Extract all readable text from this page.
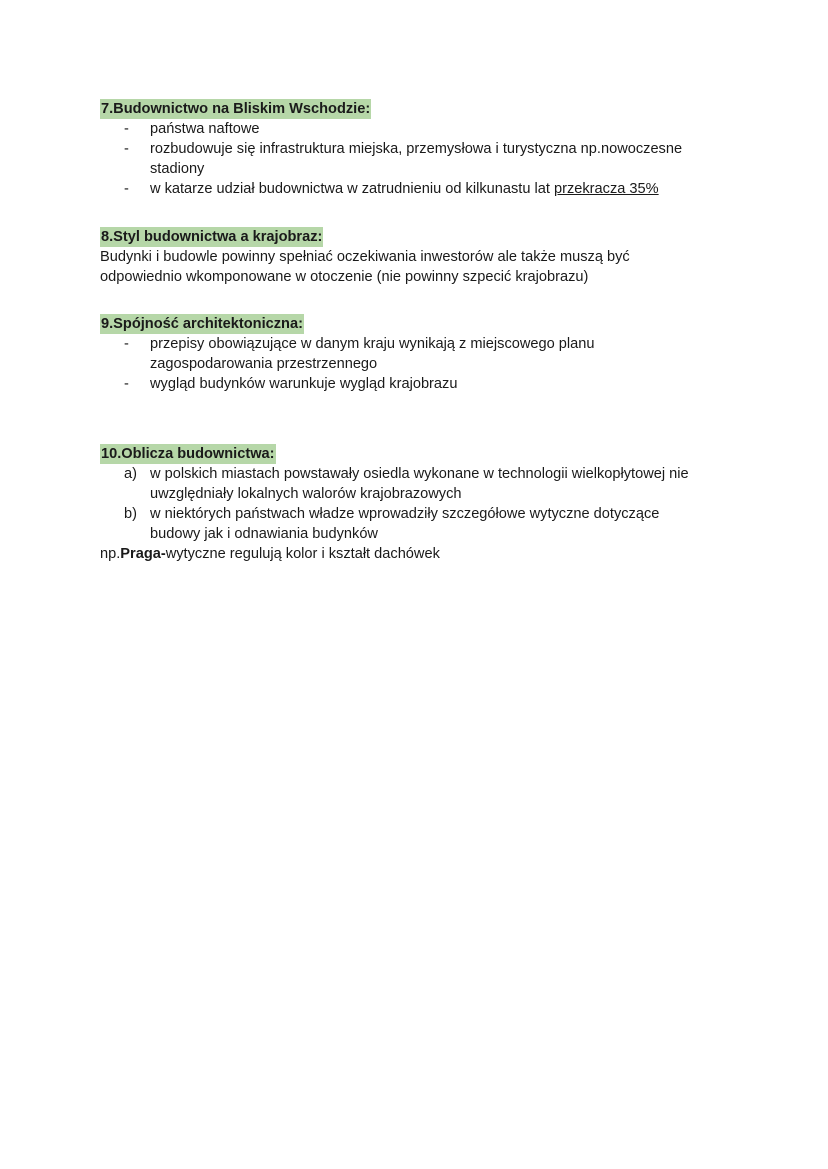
7.Budownictwo na Bliskim Wschodzie:
- państwa naftowe
- rozbudowuje się infrastruktura miejska, przemysłowa i turystyczna np.nowoczesne stadiony
- w katarze udział budownictwa w zatrudnieniu od kilkunastu lat przekracza 35%
8.Styl budownictwa a krajobraz:

Budynki i budowle powinny spełniać oczekiwania inwestorów ale także muszą być odpowiednio wkomponowane w otoczenie (nie powinny szpecić krajobrazu)

9.Spójność architektoniczna:
- przepisy obowiązujące w danym kraju wynikają z miejscowego planu zagospodarowania przestrzennego
- wygląd budynków warunkuje wygląd krajobrazu
10.Oblicza budownictwa:
a) w polskich miastach powstawały osiedla wykonane w technologii wielkopłytowej nie uwzględniały lokalnych walorów krajobrazowych
b) w niektórych państwach władze wprowadziły szczegółowe wytyczne dotyczące budowy jak i odnawiania budynków

np.Praga-wytyczne regulują kolor i kształt dachówek
